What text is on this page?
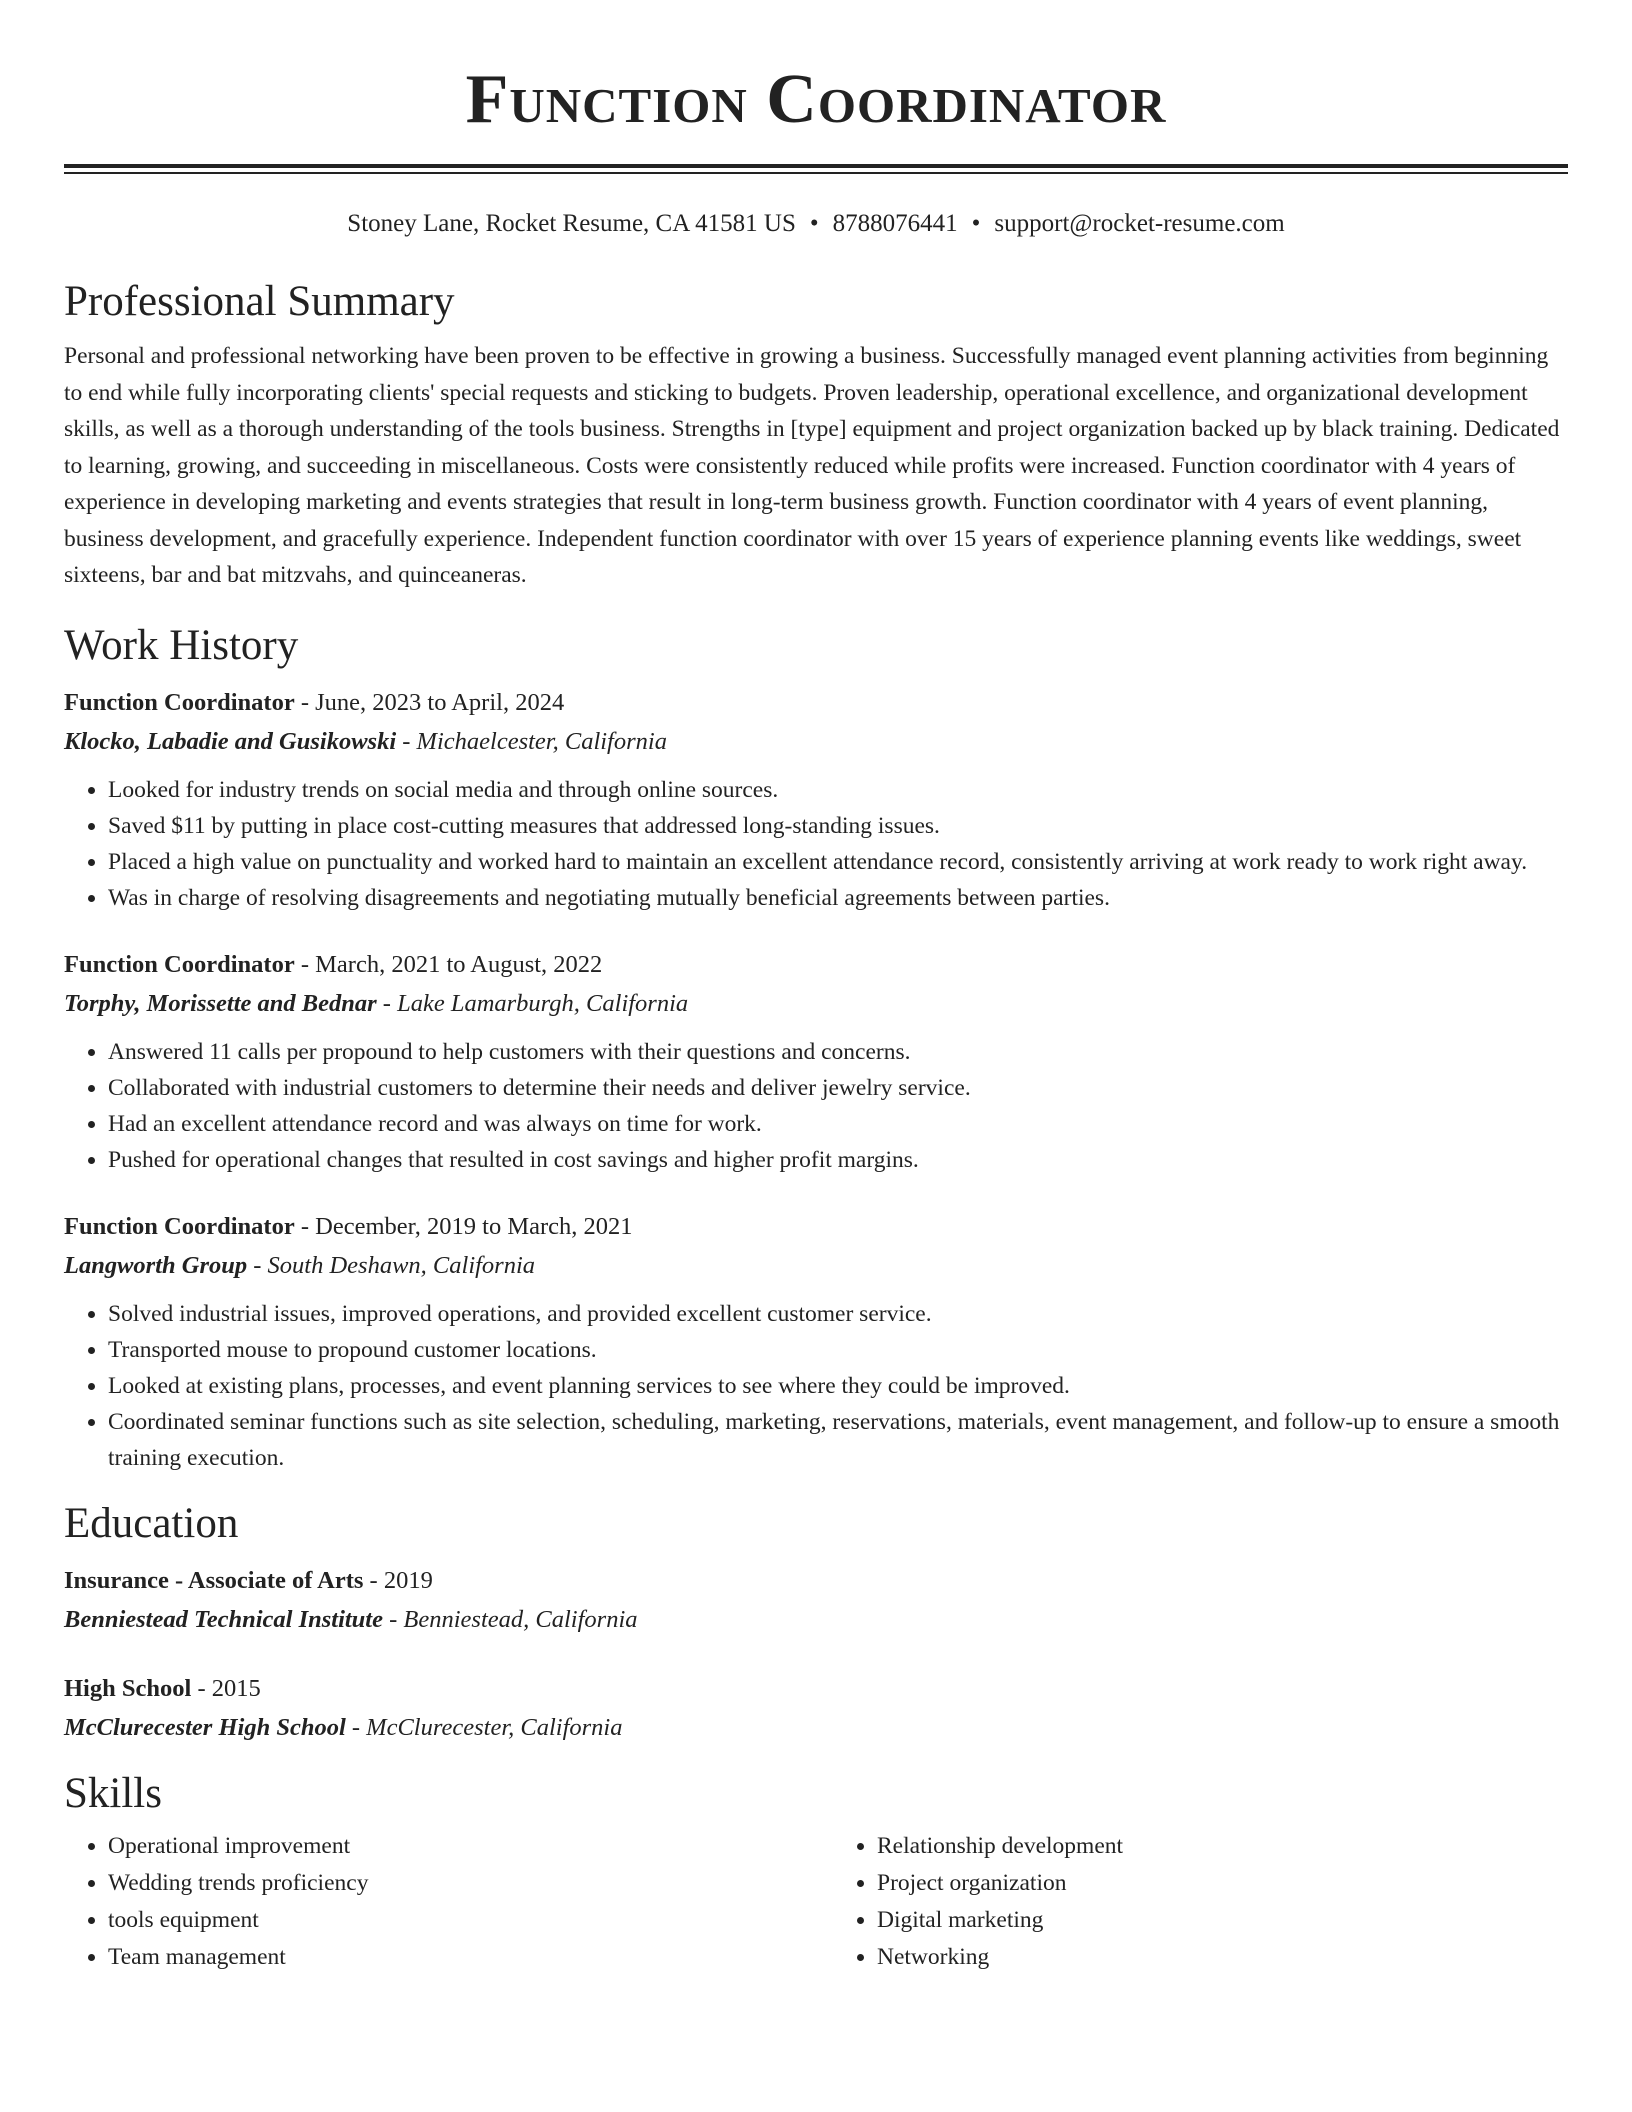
Function Coordinator
Stoney Lane, Rocket Resume, CA 41581 US • 8788076441 • support@rocket-resume.com
Professional Summary

Personal and professional networking have been proven to be effective in growing a business. Successfully managed event planning activities from beginning to end while fully incorporating clients' special requests and sticking to budgets. Proven leadership, operational excellence, and organizational development skills, as well as a thorough understanding of the tools business. Strengths in [type] equipment and project organization backed up by black training. Dedicated to learning, growing, and succeeding in miscellaneous. Costs were consistently reduced while profits were increased. Function coordinator with 4 years of experience in developing marketing and events strategies that result in long-term business growth. Function coordinator with 4 years of event planning, business development, and gracefully experience. Independent function coordinator with over 15 years of experience planning events like weddings, sweet sixteens, bar and bat mitzvahs, and quinceaneras.

Work History
Function Coordinator - June, 2023 to April, 2024
Klocko, Labadie and Gusikowski - Michaelcester, California
• Looked for industry trends on social media and through online sources.
• Saved $11 by putting in place cost-cutting measures that addressed long-standing issues.
• Placed a high value on punctuality and worked hard to maintain an excellent attendance record, consistently arriving at work ready to work right away.
• Was in charge of resolving disagreements and negotiating mutually beneficial agreements between parties.
Function Coordinator - March, 2021 to August, 2022
Torphy, Morissette and Bednar - Lake Lamarburgh, California
• Answered 11 calls per propound to help customers with their questions and concerns.
• Collaborated with industrial customers to determine their needs and deliver jewelry service.
• Had an excellent attendance record and was always on time for work.
• Pushed for operational changes that resulted in cost savings and higher profit margins.
Function Coordinator - December, 2019 to March, 2021
Langworth Group - South Deshawn, California
• Solved industrial issues, improved operations, and provided excellent customer service.
• Transported mouse to propound customer locations.
• Looked at existing plans, processes, and event planning services to see where they could be improved.
• Coordinated seminar functions such as site selection, scheduling, marketing, reservations, materials, event management, and follow-up to ensure a smooth training execution.
Education
Insurance - Associate of Arts - 2019
Benniestead Technical Institute - Benniestead, California
High School - 2015
McClurecester High School - McClurecester, California
Skills
• Operational improvement
• Wedding trends proficiency
• tools equipment
• Team management
• Relationship development
• Project organization
• Digital marketing
• Networking
